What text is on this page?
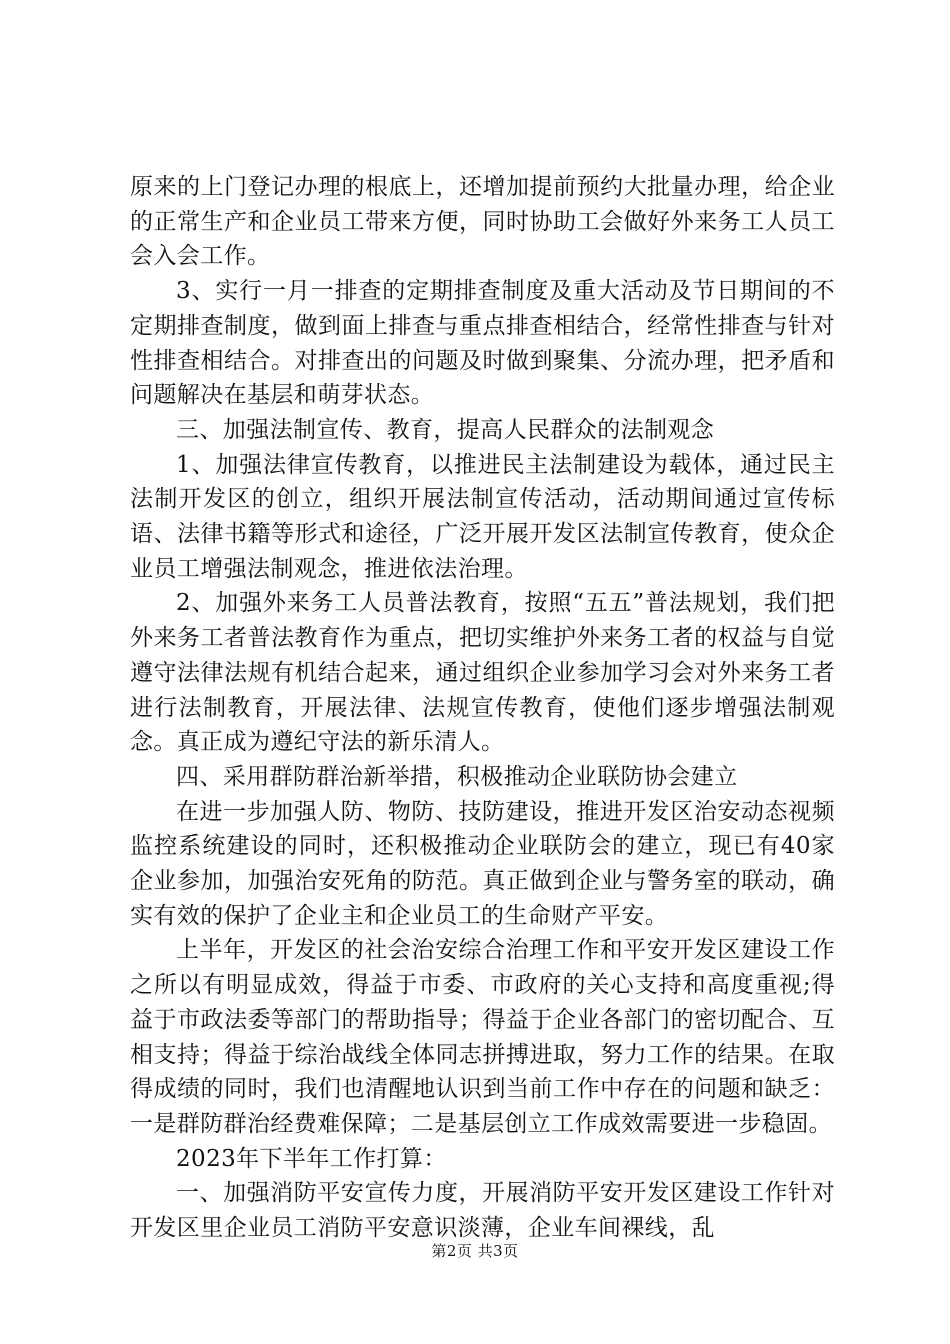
原来的上门登记办理的根底上，还增加提前预约大批量办理，给企业的正常生产和企业员工带来方便，同时协助工会做好外来务工人员工会入会工作。

3、实行一月一排查的定期排查制度及重大活动及节日期间的不定期排查制度，做到面上排查与重点排查相结合，经常性排查与针对性排查相结合。对排查出的问题及时做到聚集、分流办理，把矛盾和问题解决在基层和萌芽状态。

三、加强法制宣传、教育，提高人民群众的法制观念

1、加强法律宣传教育，以推进民主法制建设为载体，通过民主法制开发区的创立，组织开展法制宣传活动，活动期间通过宣传标语、法律书籍等形式和途径，广泛开展开发区法制宣传教育，使众企业员工增强法制观念，推进依法治理。

2、加强外来务工人员普法教育，按照“五五”普法规划，我们把外来务工者普法教育作为重点，把切实维护外来务工者的权益与自觉遵守法律法规有机结合起来，通过组织企业参加学习会对外来务工者进行法制教育，开展法律、法规宣传教育，使他们逐步增强法制观念。真正成为遵纪守法的新乐清人。

四、采用群防群治新举措，积极推动企业联防协会建立

在进一步加强人防、物防、技防建设，推进开发区治安动态视频监控系统建设的同时，还积极推动企业联防会的建立，现已有40家企业参加，加强治安死角的防范。真正做到企业与警务室的联动，确实有效的保护了企业主和企业员工的生命财产平安。

上半年，开发区的社会治安综合治理工作和平安开发区建设工作之所以有明显成效，得益于市委、市政府的关心支持和高度重视;得益于市政法委等部门的帮助指导；得益于企业各部门的密切配合、互相支持；得益于综治战线全体同志拼搏进取，努力工作的结果。在取得成绩的同时，我们也清醒地认识到当前工作中存在的问题和缺乏：一是群防群治经费难保障；二是基层创立工作成效需要进一步稳固。

2023年下半年工作打算：

一、加强消防平安宣传力度，开展消防平安开发区建设工作针对开发区里企业员工消防平安意识淡薄，企业车间裸线，乱

第2页 共3页
